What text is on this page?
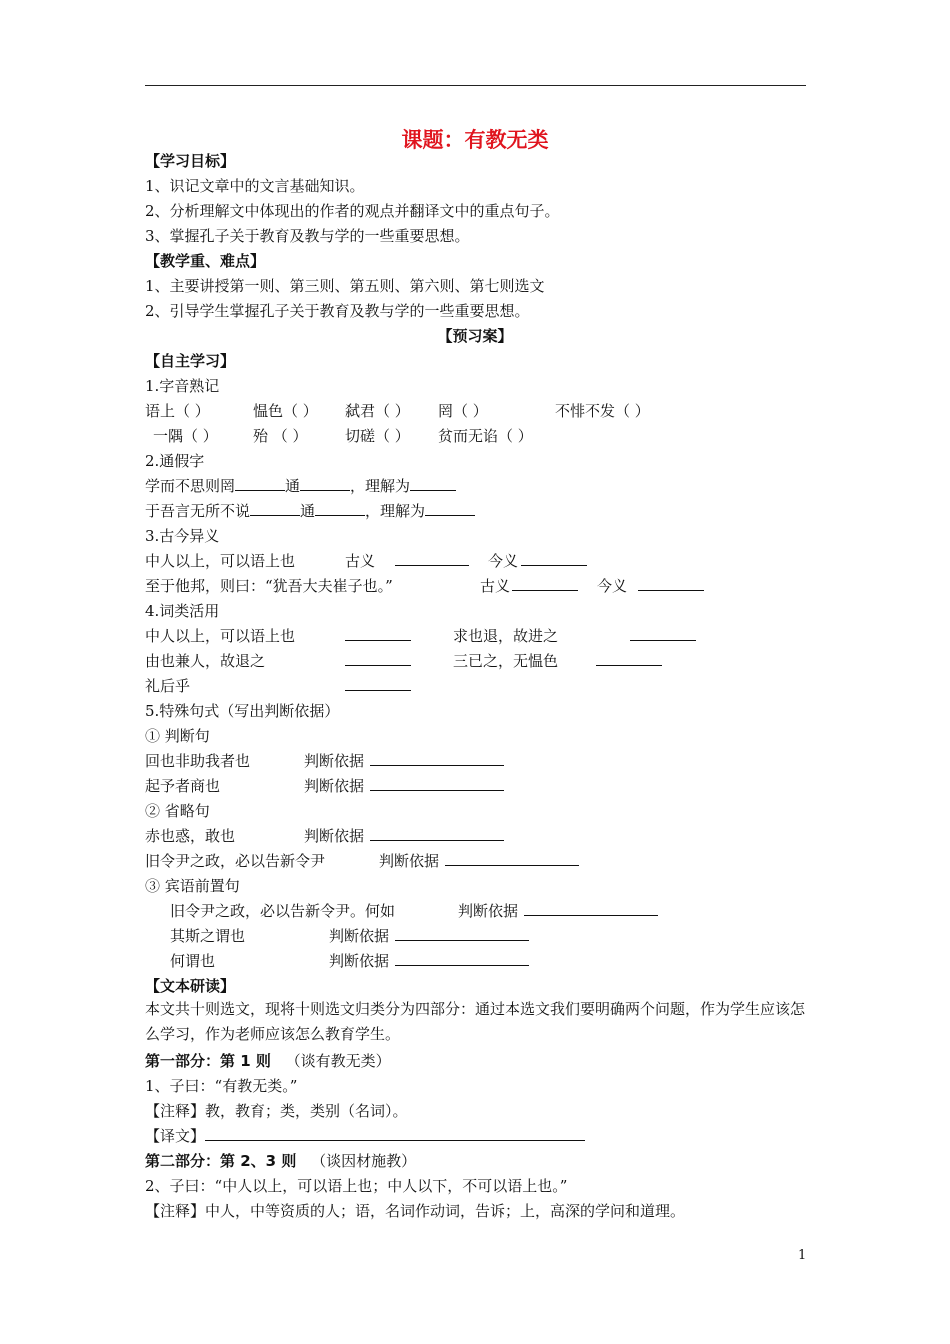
课题：有教无类
【学习目标】
1、识记文章中的文言基础知识。
2、分析理解文中体现出的作者的观点并翻译文中的重点句子。
3、掌握孔子关于教育及教与学的一些重要思想。
【教学重、难点】
1、主要讲授第一则、第三则、第五则、第六则、第七则选文
2、引导学生掌握孔子关于教育及教与学的一些重要思想。
【预习案】
【自主学习】
1.字音熟记
语上（ ）	愠色（ ） 弑君（ ） 罔（ ）	不悱不发（ ）
一隅（ ） 殆 （ ） 切磋（ ） 贫而无谄（ ）
2.通假字
学而不思则罔	通	，理解为
于吾言无所不说	通	，理解为
3.古今异义
中人以上，可以语上也	古义	今义
至于他邦，则曰：“犹吾大夫崔子也。”	古义	今义
4.词类活用
中人以上，可以语上也	求也退，故进之
由也兼人，故退之	三已之，无愠色
礼后乎
5.特殊句式（写出判断依据）
① 判断句
回也非助我者也	判断依据
起予者商也	判断依据
② 省略句
赤也惑，敢也	判断依据
旧令尹之政，必以告新令尹	判断依据
③ 宾语前置句
旧令尹之政，必以告新令尹。何如	判断依据
其斯之谓也	判断依据
何谓也	判断依据
【文本研读】
本文共十则选文，现将十则选文归类分为四部分：通过本选文我们要明确两个问题，作为学生应该怎么学习，作为老师应该怎么教育学生。
第一部分：第 1 则 （谈有教无类）
1、子曰：“有教无类。”
【注释】教，教育；类，类别（名词）。
【译文】
第二部分：第 2、3 则 （谈因材施教）
2、子曰：“中人以上，可以语上也；中人以下，不可以语上也。”
【注释】中人，中等资质的人；语，名词作动词，告诉；上，高深的学问和道理。
1
